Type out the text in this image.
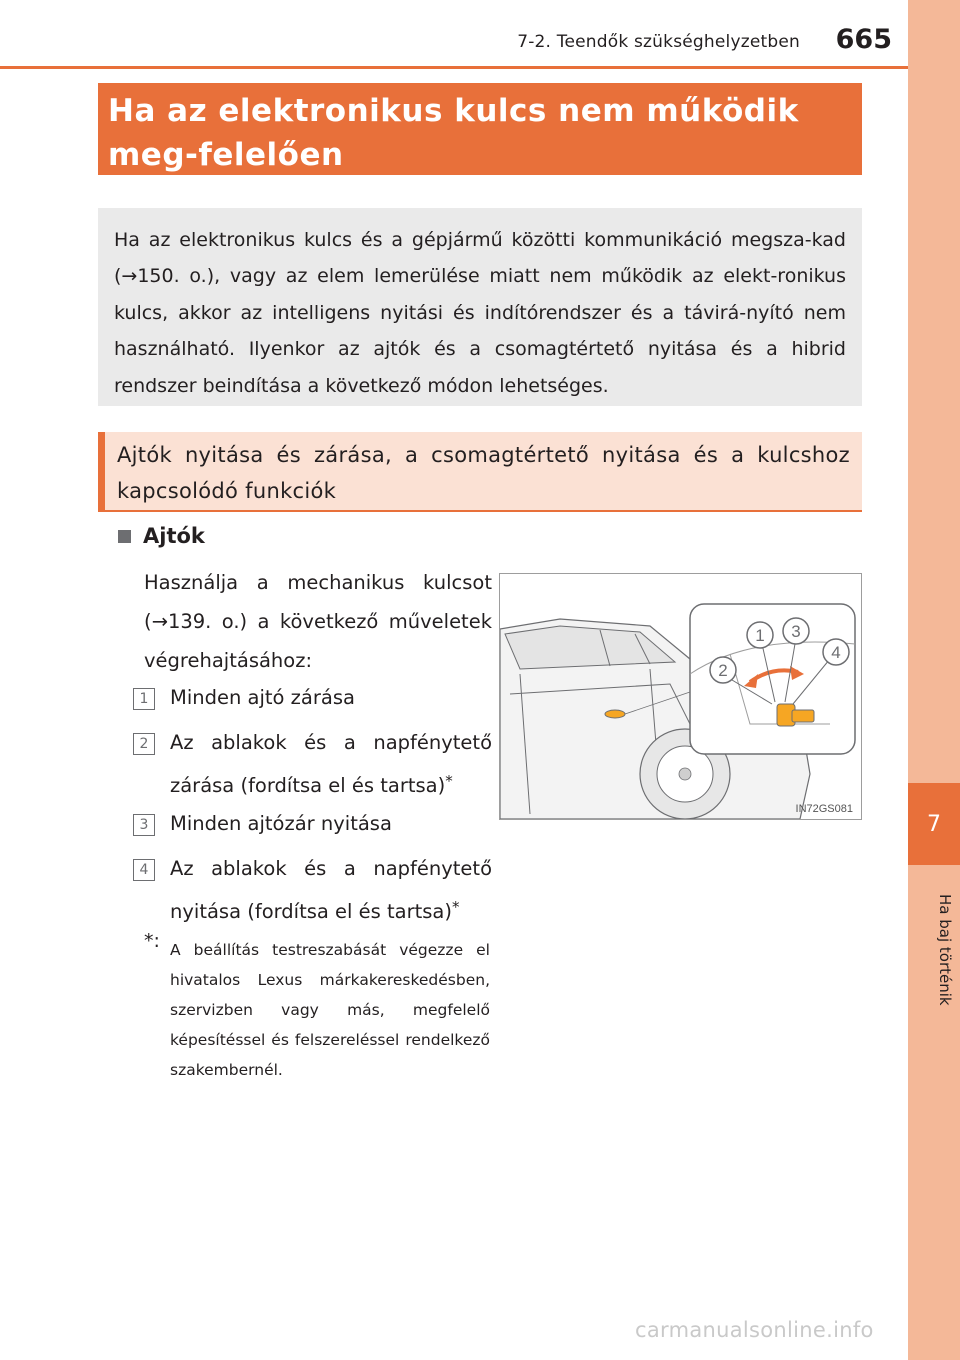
7
Ha baj történik
7-2. Teendők szükséghelyzetben	665
Ha az elektronikus kulcs nem működik meg-felelően
Ha az elektronikus kulcs és a gépjármű közötti kommunikáció megsza-kad (→150. o.), vagy az elem lemerülése miatt nem működik az elekt-ronikus kulcs, akkor az intelligens nyitási és indítórendszer és a távirá-nyító nem használható. Ilyenkor az ajtók és a csomagtértető nyitása és a hibrid rendszer beindítása a következő módon lehetséges.
Ajtók nyitása és zárása, a csomagtértető nyitása és a kulcshoz kapcsolódó funkciók
Ajtók
Használja a mechanikus kulcsot (→139. o.) a következő műveletek végrehajtásához:
1	Minden ajtó zárása
2	Az ablakok és a napfénytető zárása (fordítsa el és tartsa)*
3	Minden ajtózár nyitása
4	Az ablakok és a napfénytető nyitása (fordítsa el és tartsa)*
*: A beállítás testreszabását végezze el hivatalos Lexus márkakereskedésben, szervizben vagy más, megfelelő képesítéssel és felszereléssel rendelkező szakembernél.
1
2
3
4
IN72GS081
carmanualsonline.info
